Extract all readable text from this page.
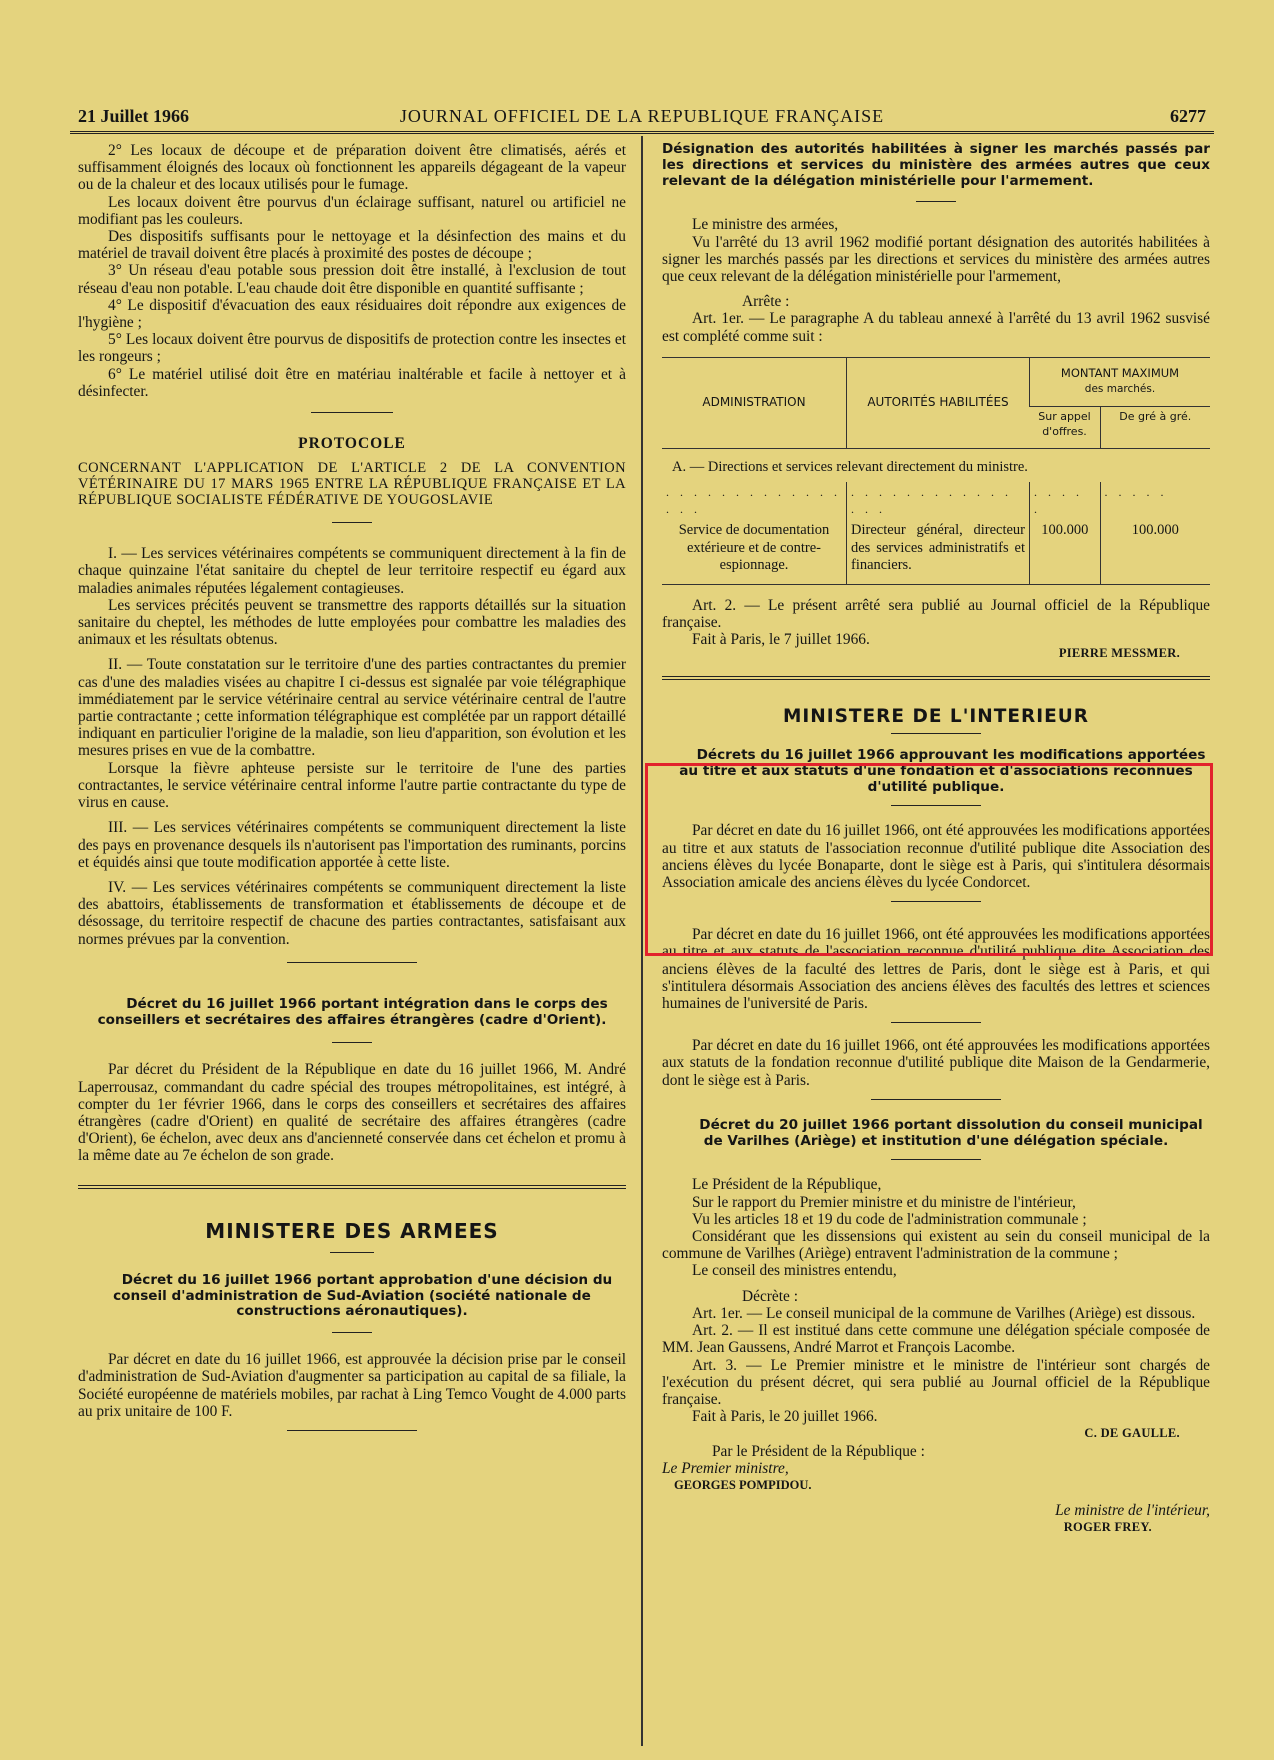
21 Juillet 1966	JOURNAL OFFICIEL DE LA REPUBLIQUE FRANÇAISE	6277

2° Les locaux de découpe et de préparation doivent être climatisés, aérés et suffisamment éloignés des locaux où fonctionnent les appareils dégageant de la vapeur ou de la chaleur et des locaux utilisés pour le fumage.

Les locaux doivent être pourvus d'un éclairage suffisant, naturel ou artificiel ne modifiant pas les couleurs.

Des dispositifs suffisants pour le nettoyage et la désinfection des mains et du matériel de travail doivent être placés à proximité des postes de découpe ;

3° Un réseau d'eau potable sous pression doit être installé, à l'exclusion de tout réseau d'eau non potable. L'eau chaude doit être disponible en quantité suffisante ;

4° Le dispositif d'évacuation des eaux résiduaires doit répondre aux exigences de l'hygiène ;

5° Les locaux doivent être pourvus de dispositifs de protection contre les insectes et les rongeurs ;

6° Le matériel utilisé doit être en matériau inaltérable et facile à nettoyer et à désinfecter.

PROTOCOLE

CONCERNANT L'APPLICATION DE L'ARTICLE 2 DE LA CONVENTION VÉTÉRINAIRE DU 17 MARS 1965 ENTRE LA RÉPUBLIQUE FRANÇAISE ET LA RÉPUBLIQUE SOCIALISTE FÉDÉRATIVE DE YOUGOSLAVIE

I. — Les services vétérinaires compétents se communiquent directement à la fin de chaque quinzaine l'état sanitaire du cheptel de leur territoire respectif eu égard aux maladies animales réputées légalement contagieuses.

Les services précités peuvent se transmettre des rapports détaillés sur la situation sanitaire du cheptel, les méthodes de lutte employées pour combattre les maladies des animaux et les résultats obtenus.

II. — Toute constatation sur le territoire d'une des parties contractantes du premier cas d'une des maladies visées au chapitre I ci-dessus est signalée par voie télégraphique immédiatement par le service vétérinaire central au service vétérinaire central de l'autre partie contractante ; cette information télégraphique est complétée par un rapport détaillé indiquant en particulier l'origine de la maladie, son lieu d'apparition, son évolution et les mesures prises en vue de la combattre.

Lorsque la fièvre aphteuse persiste sur le territoire de l'une des parties contractantes, le service vétérinaire central informe l'autre partie contractante du type de virus en cause.

III. — Les services vétérinaires compétents se communiquent directement la liste des pays en provenance desquels ils n'autorisent pas l'importation des ruminants, porcins et équidés ainsi que toute modification apportée à cette liste.

IV. — Les services vétérinaires compétents se communiquent directement la liste des abattoirs, établissements de transformation et établissements de découpe et de désossage, du territoire respectif de chacune des parties contractantes, satisfaisant aux normes prévues par la convention.

Décret du 16 juillet 1966 portant intégration dans le corps des conseillers et secrétaires des affaires étrangères (cadre d'Orient).

Par décret du Président de la République en date du 16 juillet 1966, M. André Laperrousaz, commandant du cadre spécial des troupes métropolitaines, est intégré, à compter du 1er février 1966, dans le corps des conseillers et secrétaires des affaires étrangères (cadre d'Orient) en qualité de secrétaire des affaires étrangères (cadre d'Orient), 6e échelon, avec deux ans d'ancienneté conservée dans cet échelon et promu à la même date au 7e échelon de son grade.

MINISTERE DES ARMEES

Décret du 16 juillet 1966 portant approbation d'une décision du conseil d'administration de Sud-Aviation (société nationale de constructions aéronautiques).

Par décret en date du 16 juillet 1966, est approuvée la décision prise par le conseil d'administration de Sud-Aviation d'augmenter sa participation au capital de sa filiale, la Société européenne de matériels mobiles, par rachat à Ling Temco Vought de 4.000 parts au prix unitaire de 100 F.

Désignation des autorités habilitées à signer les marchés passés par les directions et services du ministère des armées autres que ceux relevant de la délégation ministérielle pour l'armement.

Le ministre des armées,

Vu l'arrêté du 13 avril 1962 modifié portant désignation des autorités habilitées à signer les marchés passés par les directions et services du ministère des armées autres que ceux relevant de la délégation ministérielle pour l'armement,

Arrête :

Art. 1er. — Le paragraphe A du tableau annexé à l'arrêté du 13 avril 1962 susvisé est complété comme suit :

ADMINISTRATION	AUTORITÉS HABILITÉES	MONTANT MAXIMUM
des marchés.	
		Sur appel d'offres.	De gré à gré.
A. — Directions et services relevant directement du ministre.			
. . . . . . . . . . . . . . . .	. . . . . . . . . . . . . . .	. . . . .	. . . . .
Service de documentation extérieure et de contre-espionnage.	Directeur général, directeur des services administratifs et financiers.	100.000	100.000

Art. 2. — Le présent arrêté sera publié au Journal officiel de la République française.

Fait à Paris, le 7 juillet 1966.

PIERRE MESSMER.
MINISTERE DE L'INTERIEUR

Décrets du 16 juillet 1966 approuvant les modifications apportées au titre et aux statuts d'une fondation et d'associations reconnues d'utilité publique.

Par décret en date du 16 juillet 1966, ont été approuvées les modifications apportées au titre et aux statuts de l'association reconnue d'utilité publique dite Association des anciens élèves du lycée Bonaparte, dont le siège est à Paris, qui s'intitulera désormais Association amicale des anciens élèves du lycée Condorcet.

Par décret en date du 16 juillet 1966, ont été approuvées les modifications apportées au titre et aux statuts de l'association reconnue d'utilité publique dite Association des anciens élèves de la faculté des lettres de Paris, dont le siège est à Paris, et qui s'intitulera désormais Association des anciens élèves des facultés des lettres et sciences humaines de l'université de Paris.

Par décret en date du 16 juillet 1966, ont été approuvées les modifications apportées aux statuts de la fondation reconnue d'utilité publique dite Maison de la Gendarmerie, dont le siège est à Paris.

Décret du 20 juillet 1966 portant dissolution du conseil municipal de Varilhes (Ariège) et institution d'une délégation spéciale.

Le Président de la République,

Sur le rapport du Premier ministre et du ministre de l'intérieur,

Vu les articles 18 et 19 du code de l'administration communale ;

Considérant que les dissensions qui existent au sein du conseil municipal de la commune de Varilhes (Ariège) entravent l'administration de la commune ;

Le conseil des ministres entendu,

Décrète :

Art. 1er. — Le conseil municipal de la commune de Varilhes (Ariège) est dissous.

Art. 2. — Il est institué dans cette commune une délégation spéciale composée de MM. Jean Gaussens, André Marrot et François Lacombe.

Art. 3. — Le Premier ministre et le ministre de l'intérieur sont chargés de l'exécution du présent décret, qui sera publié au Journal officiel de la République française.

Fait à Paris, le 20 juillet 1966.

C. DE GAULLE.

Par le Président de la République :

Le Premier ministre,

GEORGES POMPIDOU.

Le ministre de l'intérieur,
ROGER FREY.
